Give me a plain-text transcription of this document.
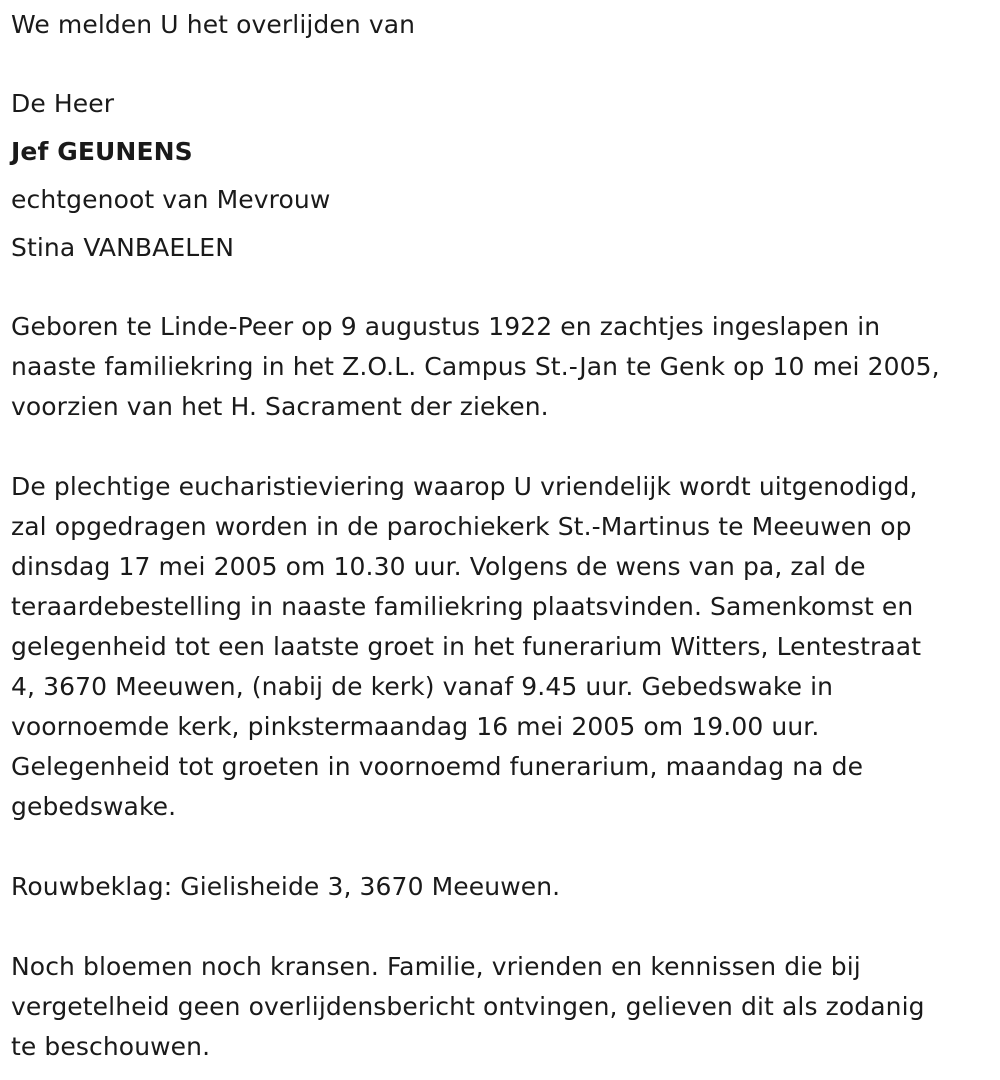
We melden U het overlijden van
De Heer
Jef GEUNENS
echtgenoot van Mevrouw
Stina VANBAELEN
Geboren te Linde-Peer op 9 augustus 1922 en zachtjes ingeslapen in
naaste familiekring in het Z.O.L. Campus St.-Jan te Genk op 10 mei 2005,
voorzien van het H. Sacrament der zieken.
De plechtige eucharistieviering waarop U vriendelijk wordt uitgenodigd,
zal opgedragen worden in de parochiekerk St.-Martinus te Meeuwen op
dinsdag 17 mei 2005 om 10.30 uur. Volgens de wens van pa, zal de
teraardebestelling in naaste familiekring plaatsvinden. Samenkomst en
gelegenheid tot een laatste groet in het funerarium Witters, Lentestraat
4, 3670 Meeuwen, (nabij de kerk) vanaf 9.45 uur. Gebedswake in
voornoemde kerk, pinkstermaandag 16 mei 2005 om 19.00 uur.
Gelegenheid tot groeten in voornoemd funerarium, maandag na de
gebedswake.
Rouwbeklag: Gielisheide 3, 3670 Meeuwen.
Noch bloemen noch kransen. Familie, vrienden en kennissen die bij
vergetelheid geen overlijdensbericht ontvingen, gelieven dit als zodanig
te beschouwen.
